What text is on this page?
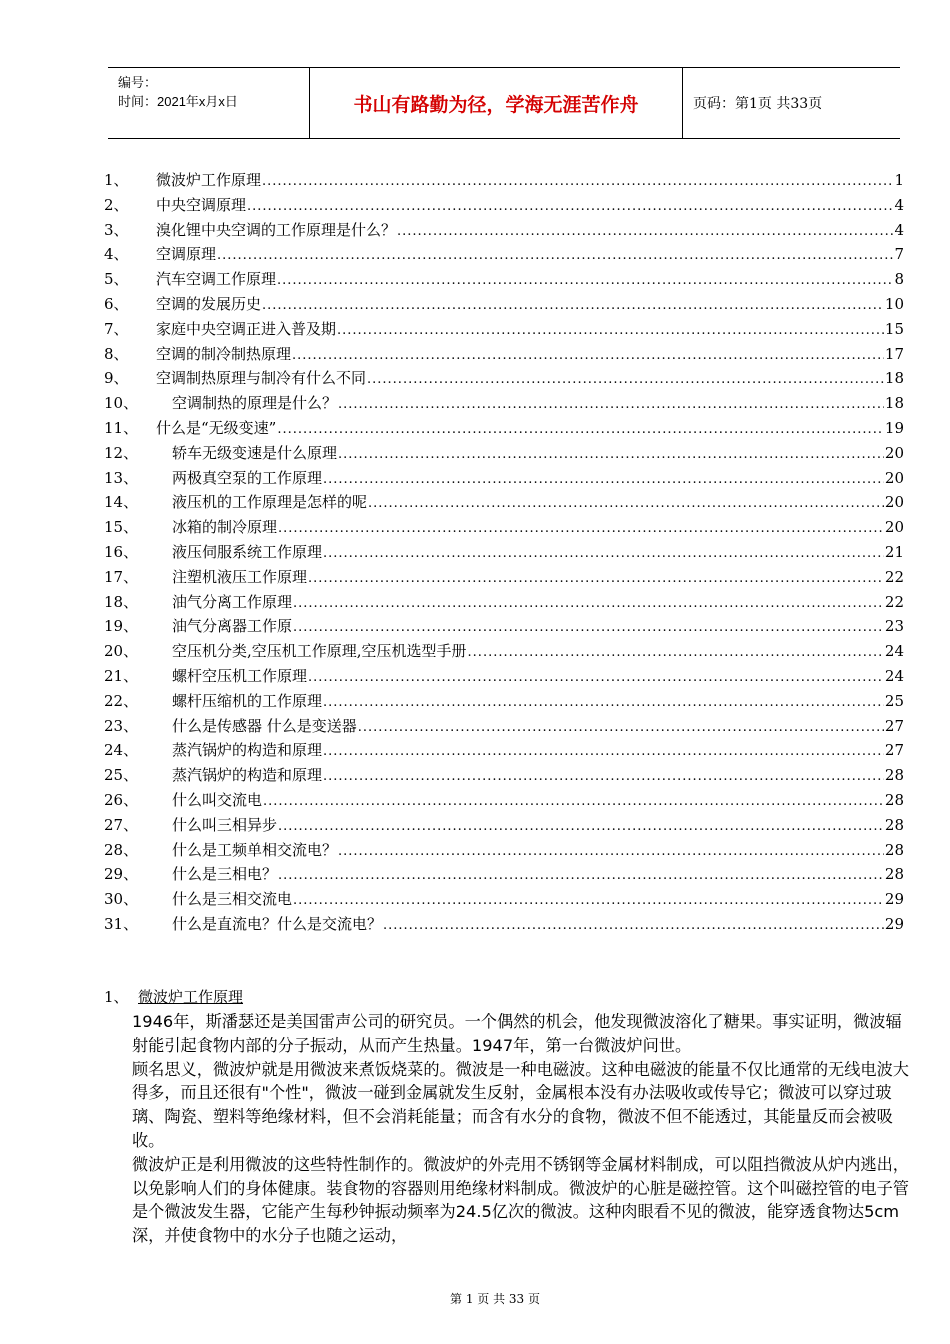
编号：
时间：2021年x月x日	书山有路勤为径，学海无涯苦作舟	页码：第1页 共33页
1、	微波炉工作原理 .....	1
2、	中央空调原理 .....	4
3、	溴化锂中央空调的工作原理是什么？ .....	4
4、	空调原理 .....	7
5、	汽车空调工作原理 .....	8
6、	空调的发展历史 .....	10
7、	家庭中央空调正进入普及期 .....	15
8、	空调的制冷制热原理 .....	17
9、	空调制热原理与制冷有什么不同 .....	18
10、	空调制热的原理是什么？ .....	18
11、	什么是“无级变速” .....	19
12、	轿车无级变速是什么原理 .....	20
13、	两极真空泵的工作原理 .....	20
14、	液压机的工作原理是怎样的呢 .....	20
15、	冰箱的制冷原理 .....	20
16、	液压伺服系统工作原理 .....	21
17、	注塑机液压工作原理 .....	22
18、	油气分离工作原理 .....	22
19、	油气分离器工作原 .....	23
20、	空压机分类,空压机工作原理,空压机选型手册 .....	24
21、	螺杆空压机工作原理 .....	24
22、	螺杆压缩机的工作原理 .....	25
23、	什么是传感器 什么是变送器 .....	27
24、	蒸汽锅炉的构造和原理 .....	27
25、	蒸汽锅炉的构造和原理 .....	28
26、	什么叫交流电 .....	28
27、	什么叫三相异步 .....	28
28、	什么是工频单相交流电？ .....	28
29、	什么是三相电？ .....	28
30、	什么是三相交流电 .....	29
31、	什么是直流电？什么是交流电？ .....	29
1、 微波炉工作原理

1946年，斯潘瑟还是美国雷声公司的研究员。一个偶然的机会，他发现微波溶化了糖果。事实证明，微波辐射能引起食物内部的分子振动，从而产生热量。1947年，第一台微波炉问世。

顾名思义，微波炉就是用微波来煮饭烧菜的。微波是一种电磁波。这种电磁波的能量不仅比通常的无线电波大得多，而且还很有"个性"，微波一碰到金属就发生反射，金属根本没有办法吸收或传导它；微波可以穿过玻璃、陶瓷、塑料等绝缘材料，但不会消耗能量；而含有水分的食物，微波不但不能透过，其能量反而会被吸收。

微波炉正是利用微波的这些特性制作的。微波炉的外壳用不锈钢等金属材料制成，可以阻挡微波从炉内逃出，以免影响人们的身体健康。装食物的容器则用绝缘材料制成。微波炉的心脏是磁控管。这个叫磁控管的电子管是个微波发生器，它能产生每秒钟振动频率为24.5亿次的微波。这种肉眼看不见的微波，能穿透食物达5cm深，并使食物中的水分子也随之运动，

第 1 页 共 33 页
